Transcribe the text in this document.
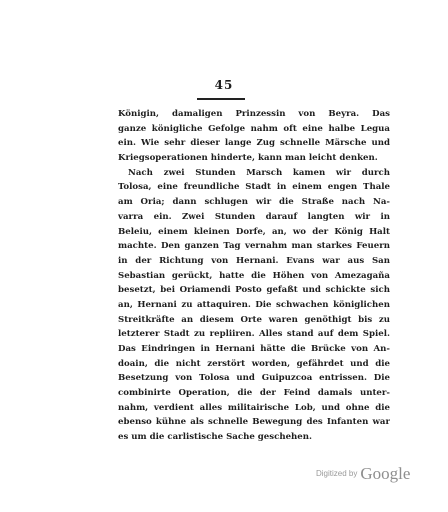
45
Königin, damaligen Prinzessin von Beyra. Das
ganze königliche Gefolge nahm oft eine halbe Legua
ein. Wie sehr dieser lange Zug schnelle Märsche und
Kriegsoperationen hinderte, kann man leicht denken.
Nach zwei Stunden Marsch kamen wir durch
Tolosa, eine freundliche Stadt in einem engen Thale
am Oria; dann schlugen wir die Straße nach Na-
varra ein. Zwei Stunden darauf langten wir in
Beleiu, einem kleinen Dorfe, an, wo der König Halt
machte. Den ganzen Tag vernahm man starkes Feuern
in der Richtung von Hernani. Evans war aus San
Sebastian gerückt, hatte die Höhen von Amezagaña
besetzt, bei Oriamendi Posto gefaßt und schickte sich
an, Hernani zu attaquiren. Die schwachen königlichen
Streitkräfte an diesem Orte waren genöthigt bis zu
letzterer Stadt zu repliiren. Alles stand auf dem Spiel.
Das Eindringen in Hernani hätte die Brücke von An-
doain, die nicht zerstört worden, gefährdet und die
Besetzung von Tolosa und Guipuzcoa entrissen. Die
combinirte Operation, die der Feind damals unter-
nahm, verdient alles militairische Lob, und ohne die
ebenso kühne als schnelle Bewegung des Infanten war
es um die carlistische Sache geschehen.
Digitized by Google
